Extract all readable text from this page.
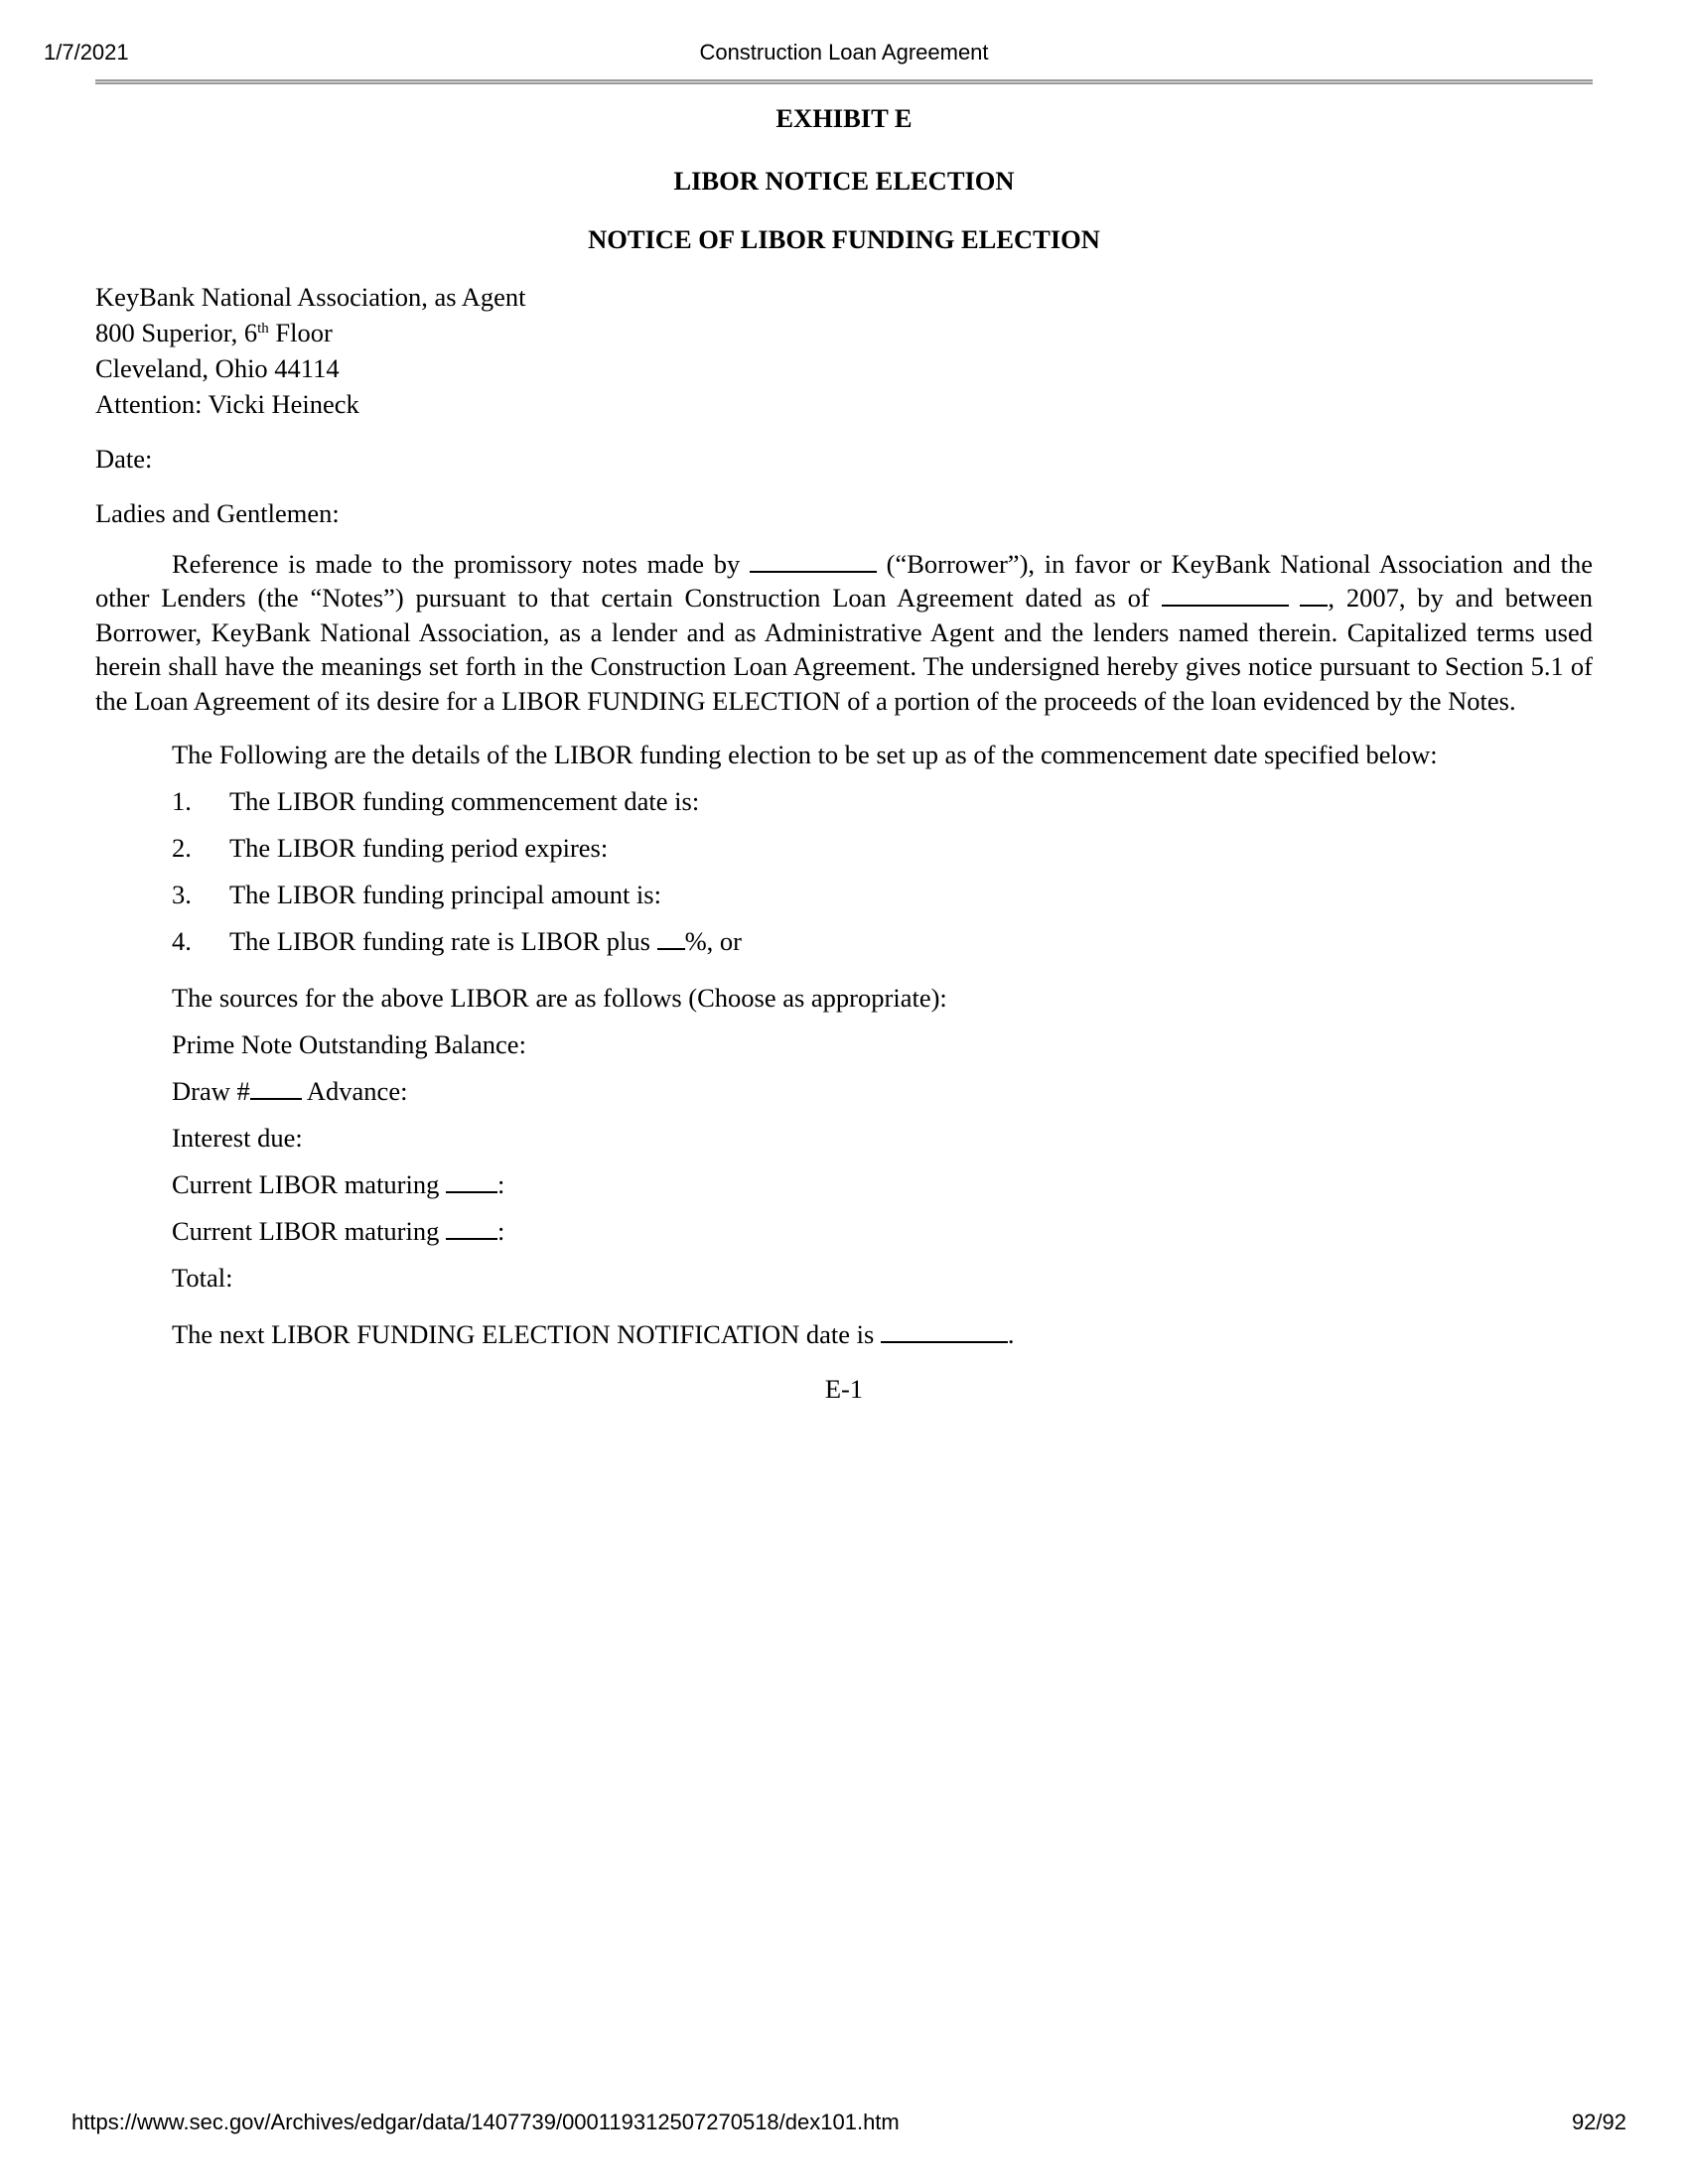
1/7/2021	Construction Loan Agreement
EXHIBIT E
LIBOR NOTICE ELECTION
NOTICE OF LIBOR FUNDING ELECTION
KeyBank National Association, as Agent
800 Superior, 6th Floor
Cleveland, Ohio 44114
Attention: Vicki Heineck

Date:

Ladies and Gentlemen:

Reference is made to the promissory notes made by	(“Borrower”), in favor or KeyBank National Association and the other Lenders (the “Notes”) pursuant to that certain Construction Loan Agreement dated as of	, 2007, by and between Borrower, KeyBank National Association, as a lender and as Administrative Agent and the lenders named therein. Capitalized terms used herein shall have the meanings set forth in the Construction Loan Agreement. The undersigned hereby gives notice pursuant to Section 5.1 of the Loan Agreement of its desire for a LIBOR FUNDING ELECTION of a portion of the proceeds of the loan evidenced by the Notes.

The Following are the details of the LIBOR funding election to be set up as of the commencement date specified below:

1.	The LIBOR funding commencement date is:
2.	The LIBOR funding period expires:
3.	The LIBOR funding principal amount is:
4.	The LIBOR funding rate is LIBOR plus %, or
The sources for the above LIBOR are as follows (Choose as appropriate):
Prime Note Outstanding Balance:
Draw # Advance:
Interest due:
Current LIBOR maturing :
Current LIBOR maturing :
Total:
The next LIBOR FUNDING ELECTION NOTIFICATION date is	.
E-1
https://www.sec.gov/Archives/edgar/data/1407739/000119312507270518/dex101.htm	92/92
